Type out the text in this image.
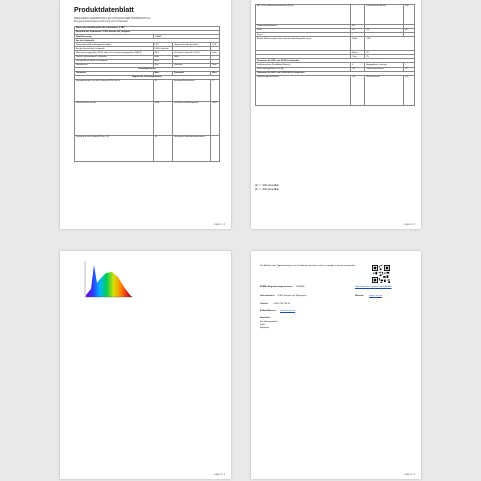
Produktdatenblatt
DELEGIERTE VERORDNUNG (EU) 2019/2015 DER KOMMISSION zur
Energieverbrauchskennzeichnung von Lichtquellen
Name oder Handelsmarke des Lieferanten: V-TAC			
Anschrift des Lieferanten: V-TAC Europe Ltd., Bulgaria			
Modellkennung:	216689		
Art der Lichtquelle			
Verwendete Beleuchtungstechnologie:	LED	Ungerichtet oder gerichtet:	DLS
Art des Sockels der Lichtquelle	LED-Lichtleiste		
Netzspannungsgeführt (MLS) oder nicht netzspannungsgeführt (NMLS)	MLS	Vernetzte Lichtquelle (CLS):	Nein
Farblich abstimmbare Lichtquelle:	Nein	Hülle:	-
Lichtquelle mit hoher Leuchtdichte:	Nein		
Blendschutz:	Nein	Dimmbar:	Nein
Produktparameter			
Parameter	Wert	Parameter	Wert
Allgemeine Produktparameter			
Energieverbrauch im Ein-Zustand (kWh/1000 h)	19	Energieeffizienzklasse	F
Nutzlichtstrom (Φuse)	1800	Korrelierte Farbtemperatur	6500
Leistung im Ein-Zustand (Pon) in W	18	Leistung im Bereitschaftszustand	-
page 1 / 4
Bei CLS im Bereitschaftszustand (Pnet)	-	Lichtausbeute (lm/W)	100
Farbwiedergabeindex	80		
Rmin	80	Ra	80
Rmax	-		
Äußere Abmessungen ohne separate Betriebsgeräte (mm)	Höhe	1200	
	Breite	25	
	Tiefe	25	
Parameter für LED- und OLED-Lichtquellen			
Farbkonsistenz (MacAdam-Ellipsen)	6	Angegebene Leistung	-
Verschiebungsfaktor (cos φ1)	0.9	Lebensdauerfaktor	0.7
Parameter für LED- und OLED-MLS-Lichtquellen			
Stroboskopeffekt-Metrik	0.4	Flimmermetrik	1.0
(a) "-": nicht anwendbar
(b) "-": nicht anwendbar
page 2 / 4
page 3 / 4
Die Modell- oder Typenkennung ist im Produkt gespeichert, und es ist möglich, darauf zuzugreifen:
EPREL-Registrierungsnummer: 1080966	https://eprel.ec.europa.eu/qr/1080966
Unternehmen: V-TAC Europe Ltd. (Bulgarien)	Website: www.v-tac.eu
Telefon: +359 2 907 98 10
E-Mail-Adresse: office@v-tac.eu
Anschrift:
bul. Botevgradsko
Sofia
Bulgarien
page 4 / 4
